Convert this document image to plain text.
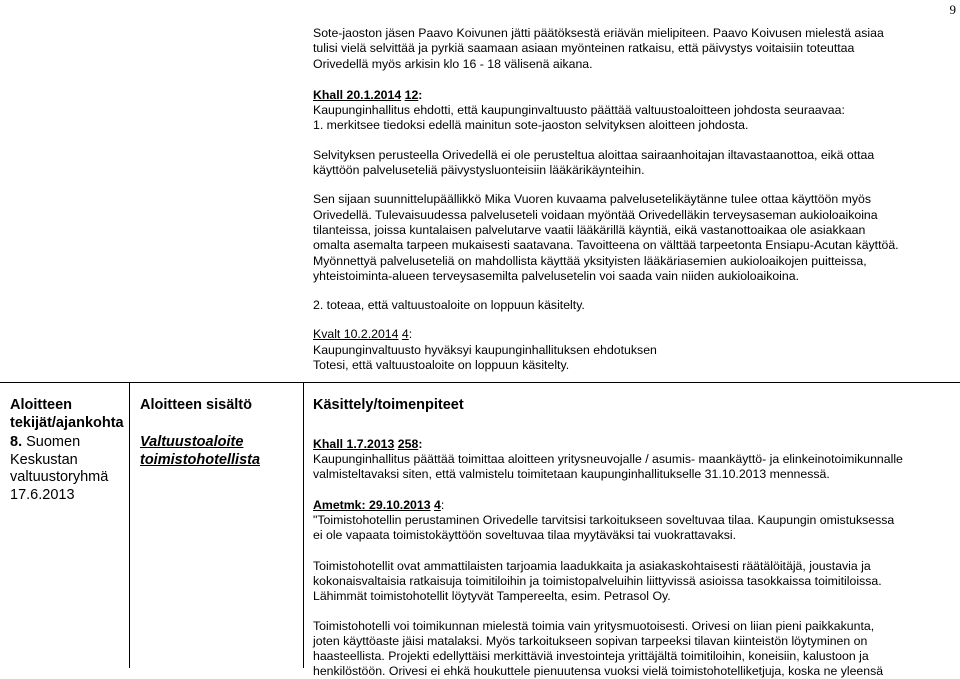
9

Sote-jaoston jäsen Paavo Koivunen jätti päätöksestä eriävän mielipiteen. Paavo Koivusen mielestä asiaa
tulisi vielä selvittää ja pyrkiä saamaan asiaan myönteinen ratkaisu, että päivystys voitaisiin toteuttaa
Orivedellä myös arkisin klo 16 - 18 välisenä aikana.

Khall 20.1.2014 12:
Kaupunginhallitus ehdotti, että kaupunginvaltuusto päättää valtuustoaloitteen johdosta seuraavaa:
1. merkitsee tiedoksi edellä mainitun sote-jaoston selvityksen aloitteen johdosta.

Selvityksen perusteella Orivedellä ei ole perusteltua aloittaa sairaanhoitajan iltavastaanottoa, eikä ottaa
käyttöön palveluseteliä päivystysluonteisiin lääkärikäynteihin.

Sen sijaan suunnittelupäällikkö Mika Vuoren kuvaama palvelusetelikäytänne tulee ottaa käyttöön myös
Orivedellä. Tulevaisuudessa palveluseteli voidaan myöntää Orivedelläkin terveysaseman aukioloaikoina
tilanteissa, joissa kuntalaisen palvelutarve vaatii lääkärillä käyntiä, eikä vastanottoaikaa ole asiakkaan
omalta asemalta tarpeen mukaisesti saatavana. Tavoitteena on välttää tarpeetonta Ensiapu-Acutan käyttöä.
Myönnettyä palveluseteliä on mahdollista käyttää yksityisten lääkäriasemien aukioloaikojen puitteissa,
yhteistoiminta-alueen terveysasemilta palvelusetelin voi saada vain niiden aukioloaikoina.

2. toteaa, että valtuustoaloite on loppuun käsitelty.

Kvalt 10.2.2014 4:
Kaupunginvaltuusto hyväksyi kaupunginhallituksen ehdotuksen
Totesi, että valtuustoaloite on loppuun käsitelty.

Aloitteen
tekijät/ajankohta
Aloitteen sisältö	Käsittely/toimenpiteet
8. Suomen
Keskustan
valtuustoryhmä
17.6.2013
Valtuustoaloite
toimistohotellista

Khall 1.7.2013 258:
Kaupunginhallitus päättää toimittaa aloitteen yritysneuvojalle / asumis- maankäyttö- ja elinkeinotoimikunnalle
valmisteltavaksi siten, että valmistelu toimitetaan kaupunginhallitukselle 31.10.2013 mennessä.

Ametmk: 29.10.2013 4:
"Toimistohotellin perustaminen Orivedelle tarvitsisi tarkoitukseen soveltuvaa tilaa. Kaupungin omistuksessa
ei ole vapaata toimistokäyttöön soveltuvaa tilaa myytäväksi tai vuokrattavaksi.

Toimistohotellit ovat ammattilaisten tarjoamia laadukkaita ja asiakaskohtaisesti räätälöitäjä, joustavia ja
kokonaisvaltaisia ratkaisuja toimitiloihin ja toimistopalveluihin liittyvissä asioissa tasokkaissa toimitiloissa.
Lähimmät toimistohotellit löytyvät Tampereelta, esim. Petrasol Oy.

Toimistohotelli voi toimikunnan mielestä toimia vain yritysmuotoisesti. Orivesi on liian pieni paikkakunta,
joten käyttöaste jäisi matalaksi. Myös tarkoitukseen sopivan tarpeeksi tilavan kiinteistön löytyminen on
haasteellista. Projekti edellyttäisi merkittäviä investointeja yrittäjältä toimitiloihin, koneisiin, kalustoon ja
henkilöstöön. Orivesi ei ehkä houkuttele pienuutensa vuoksi vielä toimistohotelliketjuja, koska ne yleensä
